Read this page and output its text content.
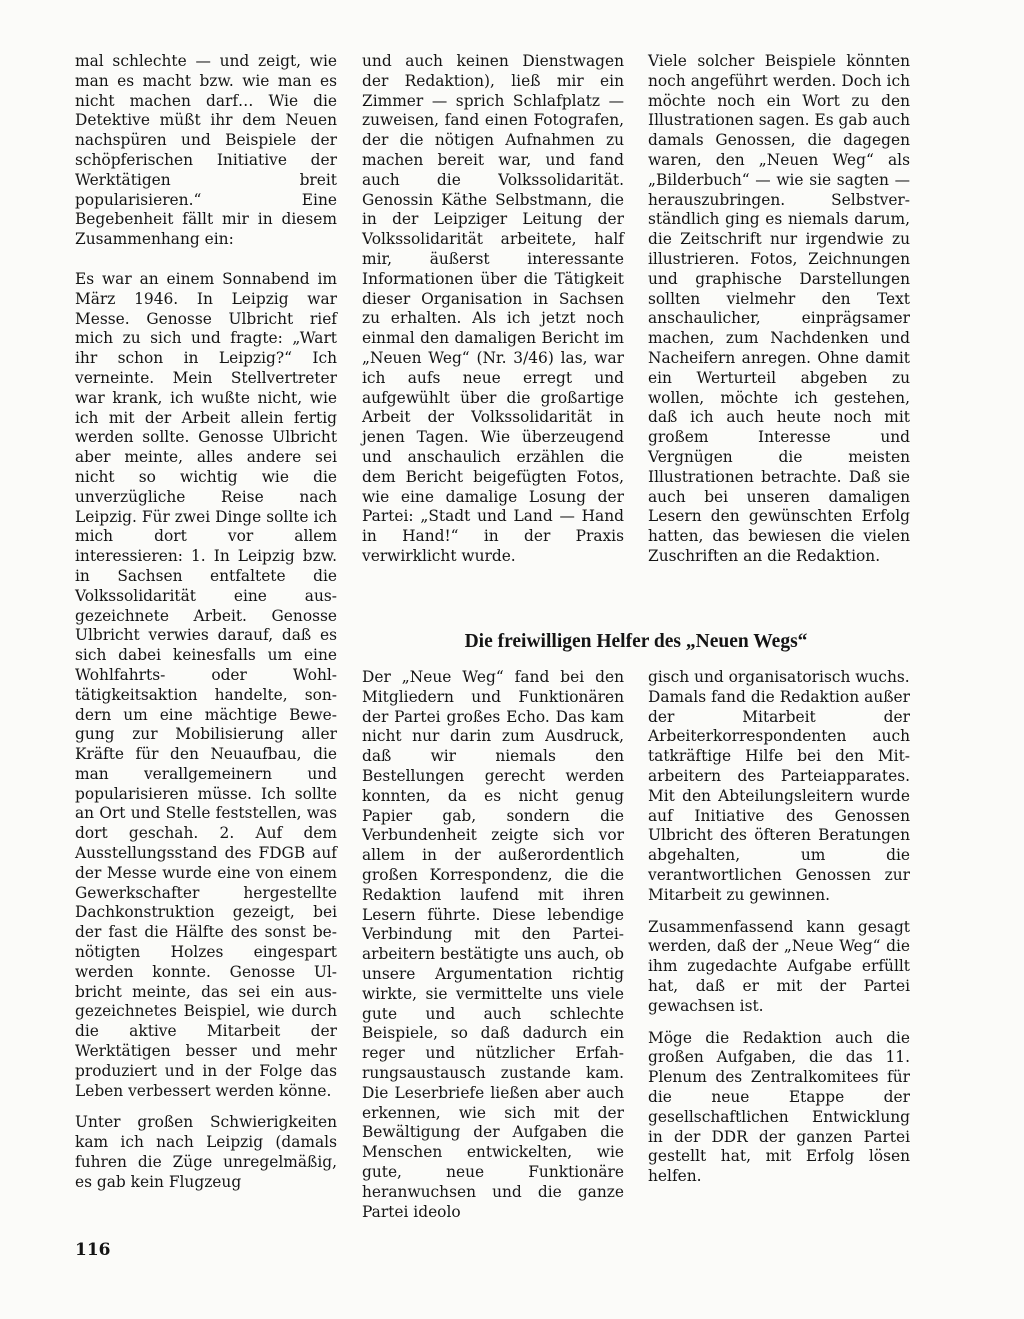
mal schlechte — und zeigt, wie man es macht bzw. wie man es nicht machen darf… Wie die Detektive müßt ihr dem Neuen nachspüren und Beispiele der schöpferischen Initiative der Werktätigen breit popularisieren.“ Eine Begebenheit fällt mir in diesem Zusammenhang ein:

Es war an einem Sonnabend im März 1946. In Leipzig war Messe. Genosse Ulbricht rief mich zu sich und fragte: „Wart ihr schon in Leipzig?“ Ich verneinte. Mein Stellvertreter war krank, ich wußte nicht, wie ich mit der Arbeit allein fertig werden sollte. Genosse Ulbricht aber meinte, alles andere sei nicht so wichtig wie die unverzügliche Reise nach Leipzig. Für zwei Dinge sollte ich mich dort vor allem interessieren: 1. In Leipzig bzw. in Sachsen entfaltete die Volkssolidarität eine ausgezeichnete Arbeit. Genosse Ulbricht verwies darauf, daß es sich dabei keinesfalls um eine Wohlfahrts- oder Wohltätigkeitsaktion handelte, sondern um eine mächtige Bewegung zur Mobilisierung aller Kräfte für den Neuaufbau, die man verallgemeinern und popularisieren müsse. Ich sollte an Ort und Stelle feststellen, was dort geschah. 2. Auf dem Ausstellungsstand des FDGB auf der Messe wurde eine von einem Gewerkschafter hergestellte Dachkonstruktion gezeigt, bei der fast die Hälfte des sonst benötigten Holzes eingespart werden konnte. Genosse Ulbricht meinte, das sei ein ausgezeichnetes Beispiel, wie durch die aktive Mitarbeit der Werktätigen besser und mehr produziert und in der Folge das Leben verbessert werden könne.

Unter großen Schwierigkeiten kam ich nach Leipzig (damals fuhren die Züge unregelmäßig, es gab kein Flugzeug

und auch keinen Dienstwagen der Redaktion), ließ mir ein Zimmer — sprich Schlafplatz — zuweisen, fand einen Fotografen, der die nötigen Aufnahmen zu machen bereit war, und fand auch die Volkssolidarität. Genossin Käthe Selbstmann, die in der Leipziger Leitung der Volkssolidarität arbeitete, half mir, äußerst interessante Informationen über die Tätigkeit dieser Organisation in Sachsen zu erhalten. Als ich jetzt noch einmal den damaligen Bericht im „Neuen Weg“ (Nr. 3/46) las, war ich aufs neue erregt und aufgewühlt über die großartige Arbeit der Volkssolidarität in jenen Tagen. Wie überzeugend und anschaulich erzählen die dem Bericht beigefügten Fotos, wie eine damalige Losung der Partei: „Stadt und Land — Hand in Hand!“ in der Praxis verwirklicht wurde.

Viele solcher Beispiele könnten noch angeführt werden. Doch ich möchte noch ein Wort zu den Illustrationen sagen. Es gab auch damals Genossen, die dagegen waren, den „Neuen Weg“ als „Bilderbuch“ — wie sie sagten — herauszubringen. Selbstverständlich ging es niemals darum, die Zeitschrift nur irgendwie zu illustrieren. Fotos, Zeichnungen und graphische Darstellungen sollten vielmehr den Text anschaulicher, einprägsamer machen, zum Nachdenken und Nacheifern anregen. Ohne damit ein Werturteil abgeben zu wollen, möchte ich gestehen, daß ich auch heute noch mit großem Interesse und Vergnügen die meisten Illustrationen betrachte. Daß sie auch bei unseren damaligen Lesern den gewünschten Erfolg hatten, das bewiesen die vielen Zuschriften an die Redaktion.

Die freiwilligen Helfer des „Neuen Wegs“

Der „Neue Weg“ fand bei den Mitgliedern und Funktionären der Partei großes Echo. Das kam nicht nur darin zum Ausdruck, daß wir niemals den Bestellungen gerecht werden konnten, da es nicht genug Papier gab, sondern die Verbundenheit zeigte sich vor allem in der außerordentlich großen Korrespondenz, die die Redaktion laufend mit ihren Lesern führte. Diese lebendige Verbindung mit den Parteiarbeitern bestätigte uns auch, ob unsere Argumentation richtig wirkte, sie vermittelte uns viele gute und auch schlechte Beispiele, so daß dadurch ein reger und nützlicher Erfahrungsaustausch zustande kam. Die Leserbriefe ließen aber auch erkennen, wie sich mit der Bewältigung der Aufgaben die Menschen entwickelten, wie gute, neue Funktionäre heranwuchsen und die ganze Partei ideolo

gisch und organisatorisch wuchs.

Damals fand die Redaktion außer der Mitarbeit der Arbeiterkorrespondenten auch tatkräftige Hilfe bei den Mitarbeitern des Parteiapparates. Mit den Abteilungsleitern wurde auf Initiative des Genossen Ulbricht des öfteren Beratungen abgehalten, um die verantwortlichen Genossen zur Mitarbeit zu gewinnen.

Zusammenfassend kann gesagt werden, daß der „Neue Weg“ die ihm zugedachte Aufgabe erfüllt hat, daß er mit der Partei gewachsen ist.

Möge die Redaktion auch die großen Aufgaben, die das 11. Plenum des Zentralkomitees für die neue Etappe der gesellschaftlichen Entwicklung in der DDR der ganzen Partei gestellt hat, mit Erfolg lösen helfen.

116
